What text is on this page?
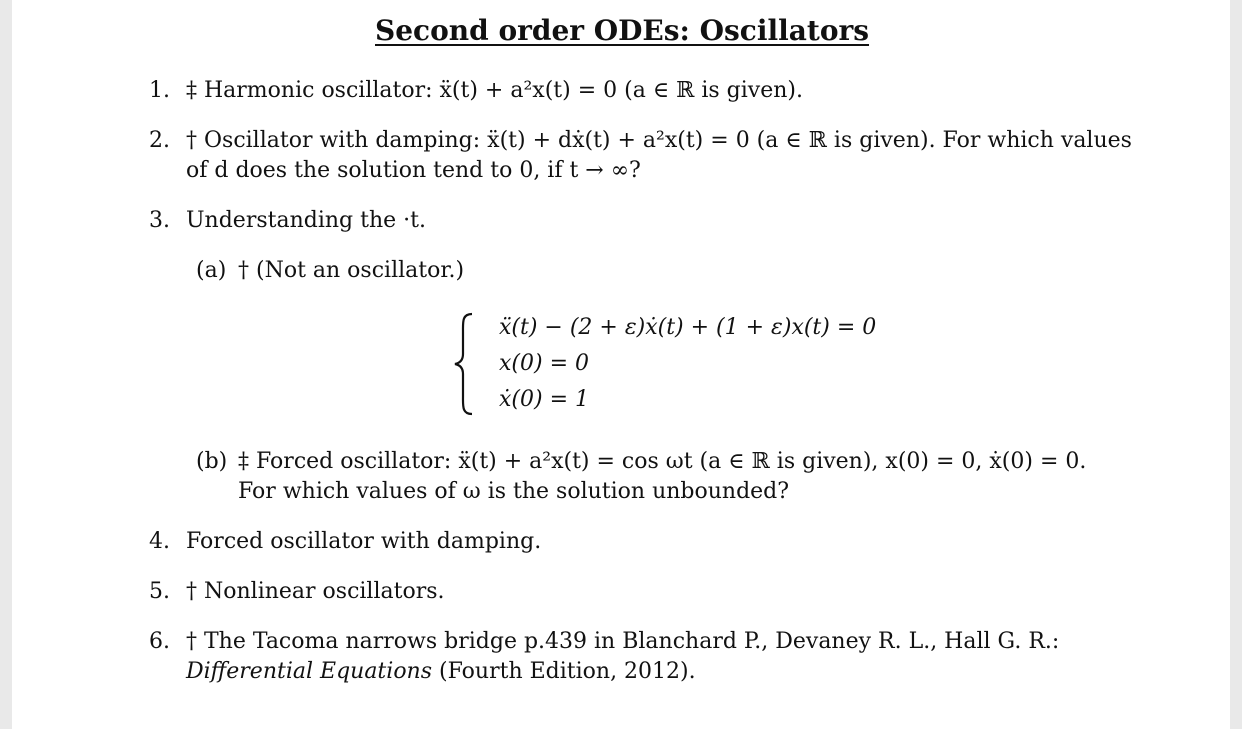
Second order ODEs: Oscillators
1. ‡ Harmonic oscillator: ẍ(t) + a²x(t) = 0 (a ∈ ℝ is given).
2. † Oscillator with damping: ẍ(t) + dẋ(t) + a²x(t) = 0 (a ∈ ℝ is given). For which values
of d does the solution tend to 0, if t → ∞?
3. Understanding the ·t.
(a) † (Not an oscillator.)
ẍ(t) − (2 + ε)ẋ(t) + (1 + ε)x(t) = 0
x(0) = 0
ẋ(0) = 1
(b) ‡ Forced oscillator: ẍ(t) + a²x(t) = cos ωt (a ∈ ℝ is given), x(0) = 0, ẋ(0) = 0.
For which values of ω is the solution unbounded?
4. Forced oscillator with damping.
5. † Nonlinear oscillators.
6. † The Tacoma narrows bridge p.439 in Blanchard P., Devaney R. L., Hall G. R.:
Differential Equations (Fourth Edition, 2012).
